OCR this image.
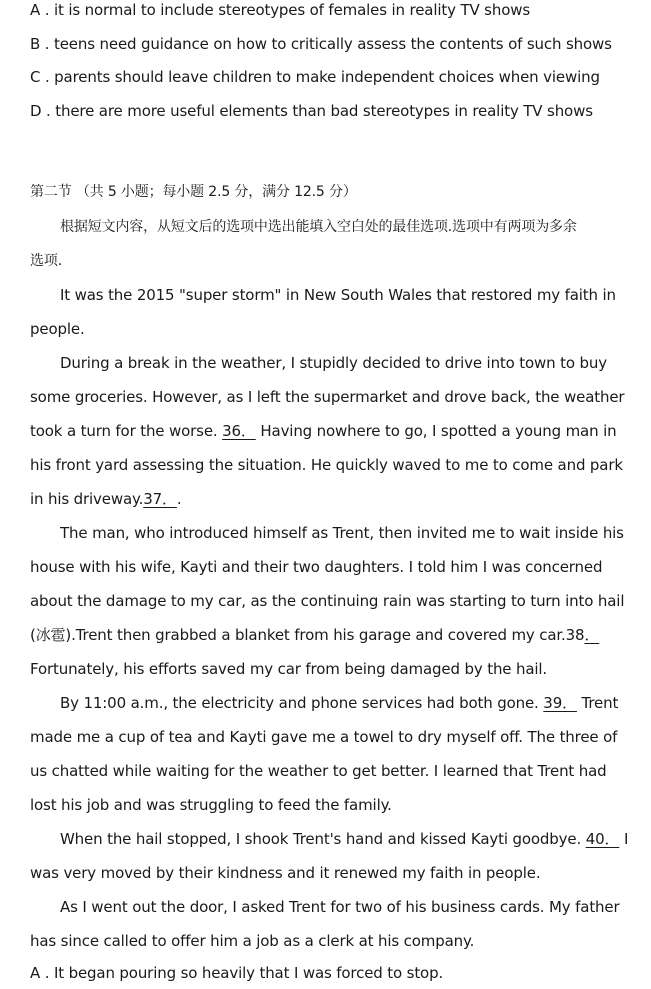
A . it is normal to include stereotypes of females in reality TV shows
B . teens need guidance on how to critically assess the contents of such shows
C . parents should leave children to make independent choices when viewing
D . there are more useful elements than bad stereotypes in reality TV shows
第二节 （共 5 小题；每小题 2.5 分，满分 12.5 分）
根据短文内容，从短文后的选项中选出能填入空白处的最佳选项.选项中有两项为多余
选项.
It was the 2015 "super storm" in New South Wales that restored my faith in
people.
During a break in the weather, I stupidly decided to drive into town to buy
some groceries. However, as I left the supermarket and drove back, the weather
took a turn for the worse. 36． Having nowhere to go, I spotted a young man in
his front yard assessing the situation. He quickly waved to me to come and park
in his driveway.37．.
The man, who introduced himself as Trent, then invited me to wait inside his
house with his wife, Kayti and their two daughters. I told him I was concerned
about the damage to my car, as the continuing rain was starting to turn into hail
(冰雹).Trent then grabbed a blanket from his garage and covered my car.38．
Fortunately, his efforts saved my car from being damaged by the hail.
By 11:00 a.m., the electricity and phone services had both gone. 39． Trent
made me a cup of tea and Kayti gave me a towel to dry myself off. The three of
us chatted while waiting for the weather to get better. I learned that Trent had
lost his job and was struggling to feed the family.
When the hail stopped, I shook Trent's hand and kissed Kayti goodbye. 40． I
was very moved by their kindness and it renewed my faith in people.
As I went out the door, I asked Trent for two of his business cards. My father
has since called to offer him a job as a clerk at his company.
A . It began pouring so heavily that I was forced to stop.
